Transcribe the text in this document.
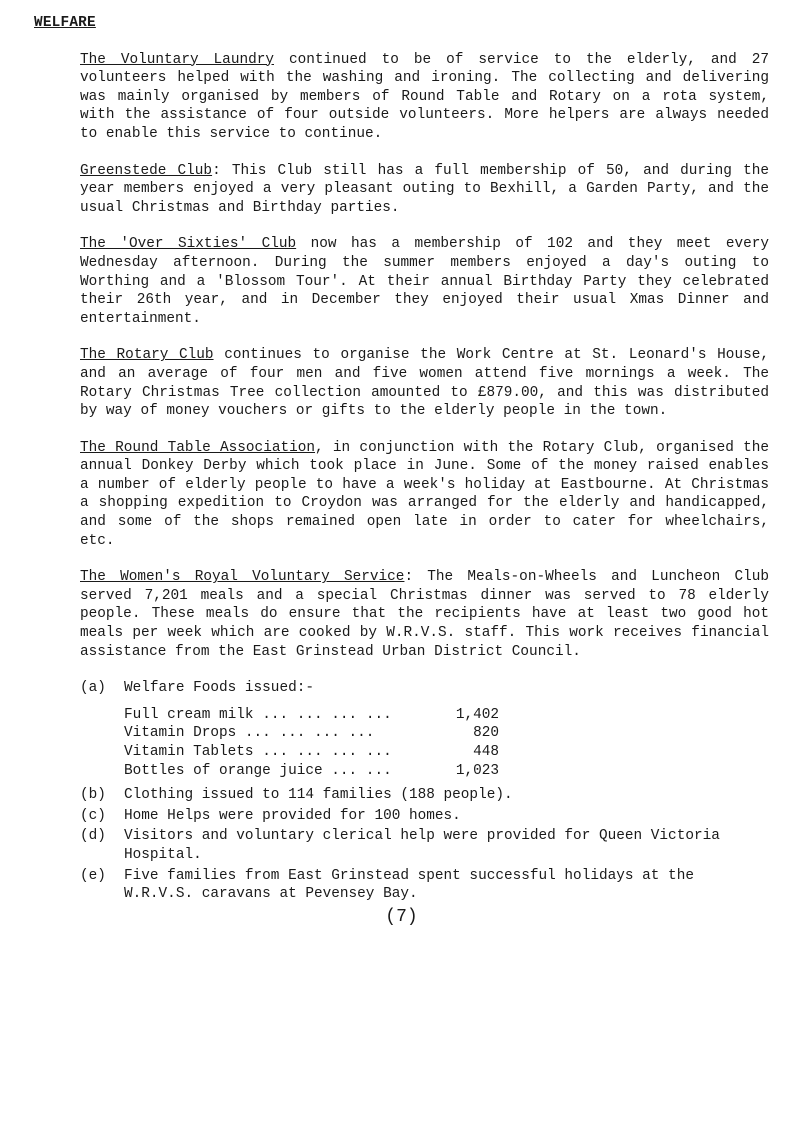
WELFARE

The Voluntary Laundry continued to be of service to the elderly, and 27 volunteers helped with the washing and ironing. The collecting and delivering was mainly organised by members of Round Table and Rotary on a rota system, with the assistance of four outside volunteers. More helpers are always needed to enable this service to continue.

Greenstede Club: This Club still has a full membership of 50, and during the year members enjoyed a very pleasant outing to Bexhill, a Garden Party, and the usual Christmas and Birthday parties.

The 'Over Sixties' Club now has a membership of 102 and they meet every Wednesday afternoon. During the summer members enjoyed a day's outing to Worthing and a 'Blossom Tour'. At their annual Birthday Party they celebrated their 26th year, and in December they enjoyed their usual Xmas Dinner and entertainment.

The Rotary Club continues to organise the Work Centre at St. Leonard's House, and an average of four men and five women attend five mornings a week. The Rotary Christmas Tree collection amounted to £879.00, and this was distributed by way of money vouchers or gifts to the elderly people in the town.

The Round Table Association, in conjunction with the Rotary Club, organised the annual Donkey Derby which took place in June. Some of the money raised enables a number of elderly people to have a week's holiday at Eastbourne. At Christmas a shopping expedition to Croydon was arranged for the elderly and handicapped, and some of the shops remained open late in order to cater for wheelchairs, etc.

The Women's Royal Voluntary Service: The Meals-on-Wheels and Luncheon Club served 7,201 meals and a special Christmas dinner was served to 78 elderly people. These meals do ensure that the recipients have at least two good hot meals per week which are cooked by W.R.V.S. staff. This work receives financial assistance from the East Grinstead Urban District Council.

(a)	Welfare Foods issued:-
Full cream milk ... ... ... ...	1,402
Vitamin Drops ... ... ... ...	820
Vitamin Tablets ... ... ... ...	448
Bottles of orange juice ... ...	1,023
(b)	Clothing issued to 114 families (188 people).
(c)	Home Helps were provided for 100 homes.
(d)	Visitors and voluntary clerical help were provided for Queen Victoria Hospital.
(e)	Five families from East Grinstead spent successful holidays at the W.R.V.S. caravans at Pevensey Bay.
(7)
